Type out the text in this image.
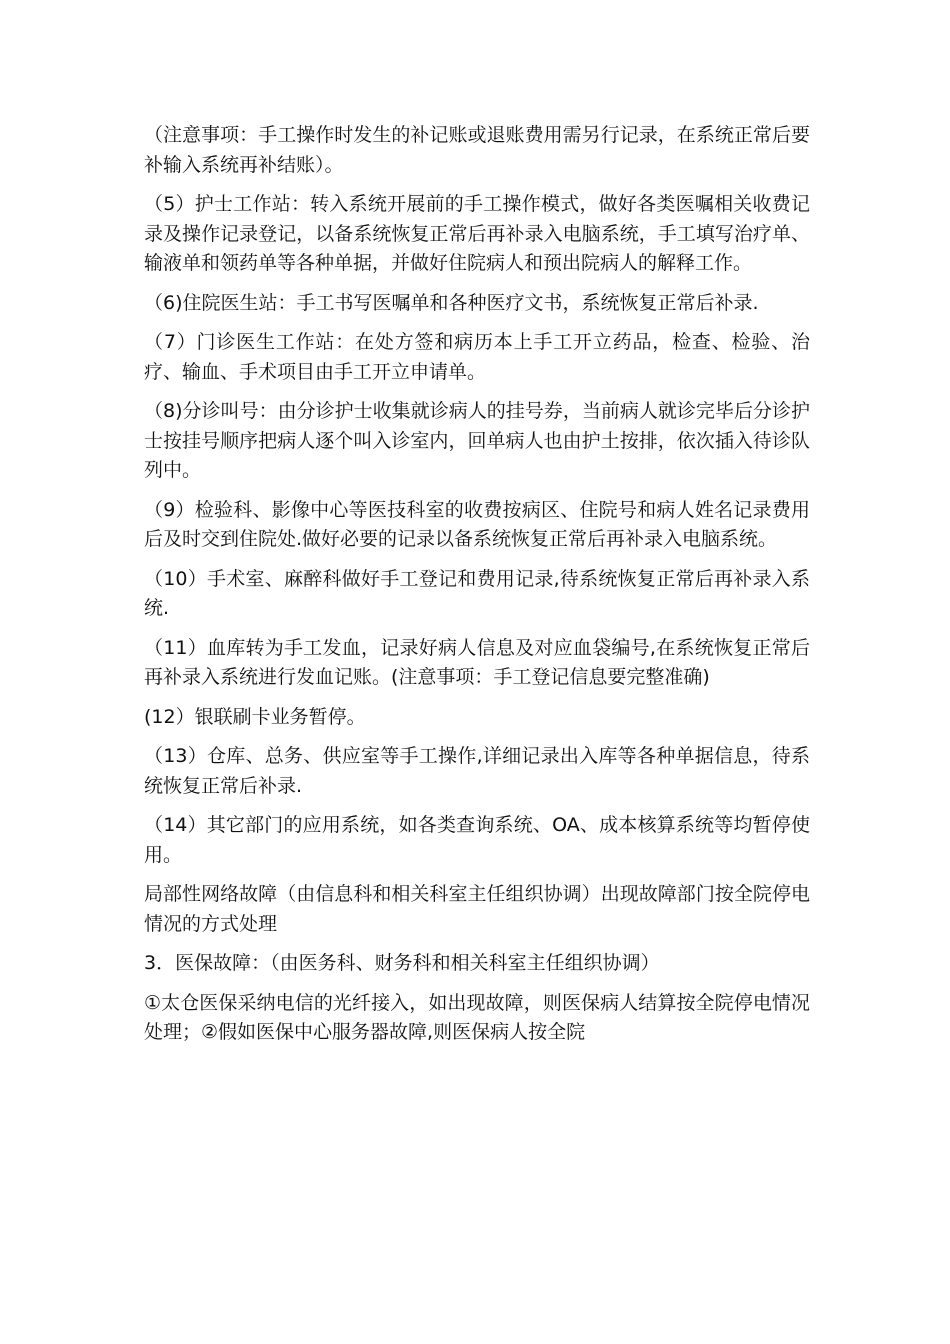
（注意事项：手工操作时发生的补记账或退账费用需另行记录，在系统正常后要补输入系统再补结账）。

（5）护士工作站：转入系统开展前的手工操作模式，做好各类医嘱相关收费记录及操作记录登记，以备系统恢复正常后再补录入电脑系统，手工填写治疗单、输液单和领药单等各种单据，并做好住院病人和预出院病人的解释工作。

（6)住院医生站：手工书写医嘱单和各种医疗文书，系统恢复正常后补录.

（7）门诊医生工作站：在处方签和病历本上手工开立药品，检查、检验、治疗、输血、手术项目由手工开立申请单。

（8)分诊叫号：由分诊护士收集就诊病人的挂号券，当前病人就诊完毕后分诊护士按挂号顺序把病人逐个叫入诊室内，回单病人也由护土按排，依次插入待诊队列中。

（9）检验科、影像中心等医技科室的收费按病区、住院号和病人姓名记录费用后及时交到住院处.做好必要的记录以备系统恢复正常后再补录入电脑系统。

（10）手术室、麻醉科做好手工登记和费用记录,待系统恢复正常后再补录入系统.

（11）血库转为手工发血，记录好病人信息及对应血袋编号,在系统恢复正常后再补录入系统进行发血记账。(注意事项：手工登记信息要完整准确)

(12）银联刷卡业务暂停。

（13）仓库、总务、供应室等手工操作,详细记录出入库等各种单据信息，待系统恢复正常后补录.

（14）其它部门的应用系统，如各类查询系统、OA、成本核算系统等均暂停使用。

局部性网络故障（由信息科和相关科室主任组织协调）出现故障部门按全院停电情况的方式处理

3．医保故障：（由医务科、财务科和相关科室主任组织协调）

①太仓医保采纳电信的光纤接入，如出现故障，则医保病人结算按全院停电情况处理；②假如医保中心服务器故障,则医保病人按全院
